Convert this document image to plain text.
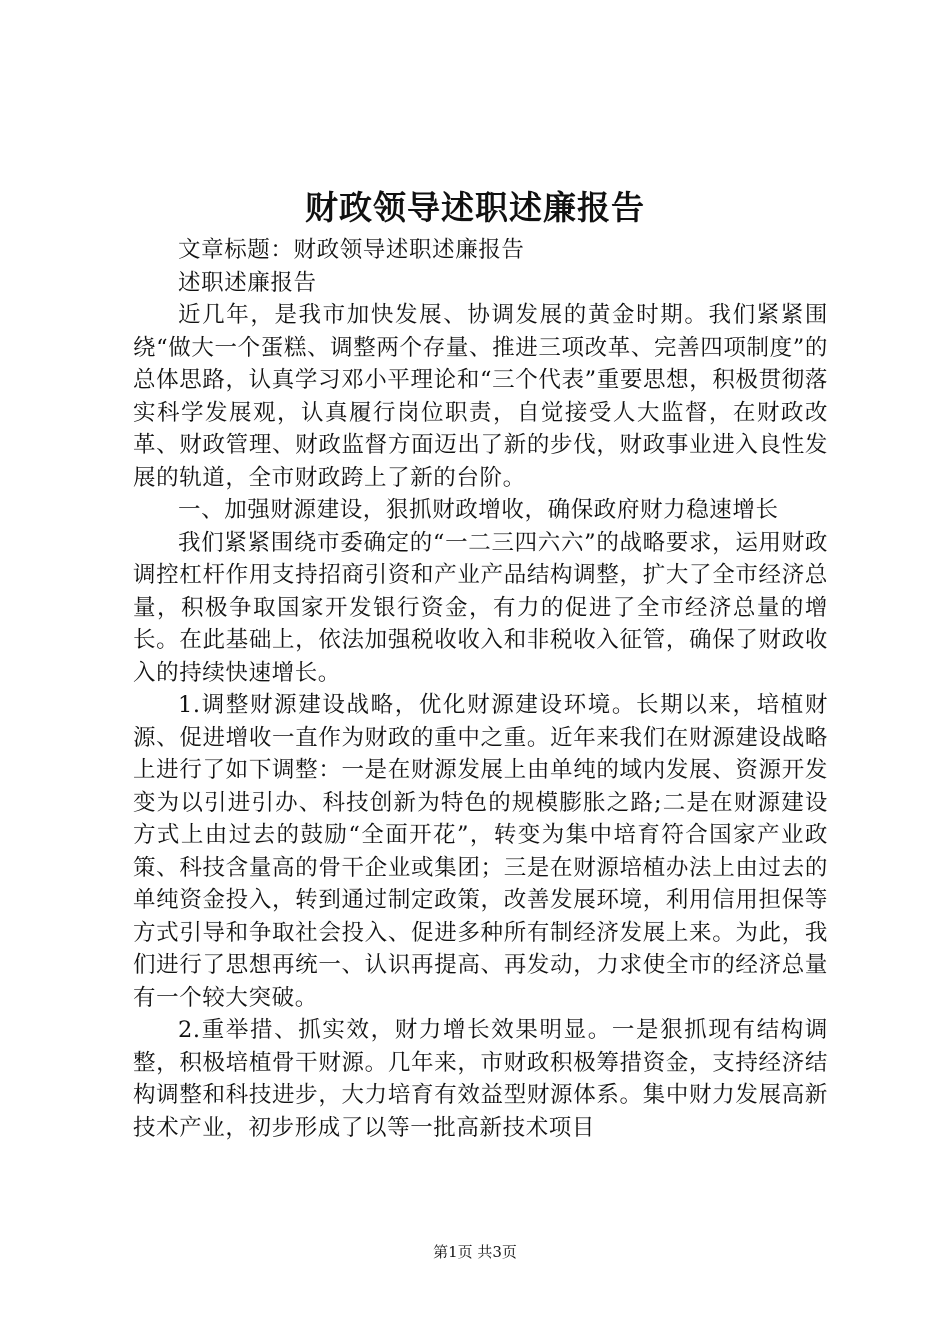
财政领导述职述廉报告

文章标题：财政领导述职述廉报告

述职述廉报告

近几年，是我市加快发展、协调发展的黄金时期。我们紧紧围绕“做大一个蛋糕、调整两个存量、推进三项改革、完善四项制度”的总体思路，认真学习邓小平理论和“三个代表”重要思想，积极贯彻落实科学发展观，认真履行岗位职责，自觉接受人大监督，在财政改革、财政管理、财政监督方面迈出了新的步伐，财政事业进入良性发展的轨道，全市财政跨上了新的台阶。

一、加强财源建设，狠抓财政增收，确保政府财力稳速增长

我们紧紧围绕市委确定的“一二三四六六”的战略要求，运用财政调控杠杆作用支持招商引资和产业产品结构调整，扩大了全市经济总量，积极争取国家开发银行资金，有力的促进了全市经济总量的增长。在此基础上，依法加强税收收入和非税收入征管，确保了财政收入的持续快速增长。

1.调整财源建设战略，优化财源建设环境。长期以来，培植财源、促进增收一直作为财政的重中之重。近年来我们在财源建设战略上进行了如下调整：一是在财源发展上由单纯的域内发展、资源开发变为以引进引办、科技创新为特色的规模膨胀之路;二是在财源建设方式上由过去的鼓励“全面开花”，转变为集中培育符合国家产业政策、科技含量高的骨干企业或集团；三是在财源培植办法上由过去的单纯资金投入，转到通过制定政策，改善发展环境，利用信用担保等方式引导和争取社会投入、促进多种所有制经济发展上来。为此，我们进行了思想再统一、认识再提高、再发动，力求使全市的经济总量有一个较大突破。

2.重举措、抓实效，财力增长效果明显。一是狠抓现有结构调整，积极培植骨干财源。几年来，市财政积极筹措资金，支持经济结构调整和科技进步，大力培育有效益型财源体系。集中财力发展高新技术产业，初步形成了以等一批高新技术项目

第1页 共3页
